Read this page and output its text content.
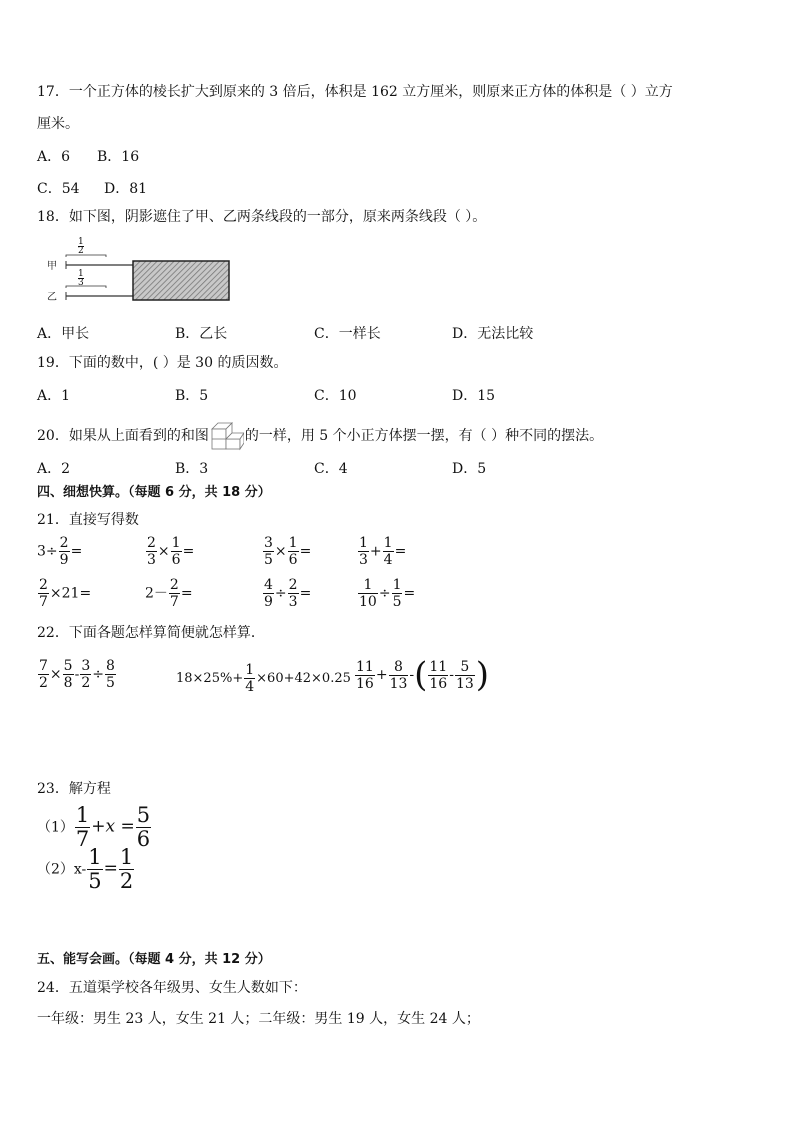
17．一个正方体的棱长扩大到原来的 3 倍后，体积是 162 立方厘米，则原来正方体的体积是（ ）立方
厘米。
A．6 B．16
C．54 D．81
18．如下图，阴影遮住了甲、乙两条线段的一部分，原来两条线段（ ）。
甲
乙
1
2
1
3
A．甲长	B．乙长	C．一样长	D．无法比较
19．下面的数中，( ）是 30 的质因数。
A．1	B．5	C．10	D．15
20．如果从上面看到的和图	的一样，用 5 个小正方体摆一摆，有（ ）种不同的摆法。
A．2	B．3	C．4	D．5
四、细想快算。（每题 6 分，共 18 分）
21．直接写得数
$3\div \frac{2}{9}$ =	$\frac{2}{3} \times \frac{1}{6}$ =	$\frac{3}{5} \times \frac{1}{6}$ =	$\frac{1}{3} + \frac{1}{4}$ =
$\frac{2}{7} \times 21=$	$2- \frac{2}{7}$ =	$\frac{4}{9} \div \frac{2}{3}$ =	$\frac{1}{10} \div \frac{1}{5}$ =
22．下面各题怎样算简便就怎样算．
$\frac{7}{2} \times \frac{5}{8} - \frac{3}{2} \div \frac{8}{5}$	$18\times 25\%+ \frac{1}{4} \times 60+42\times 0.25 \frac{11}{16} + \frac{8}{13}$ -( $\frac{11}{16} - \frac{5}{13}$ )
23．解方程
$(1) \frac{1}{7} +x = \frac{5}{6}$
$(2)x- \frac{1}{5} = \frac{1}{2}$
五、能写会画。（每题 4 分，共 12 分）
24．五道渠学校各年级男、女生人数如下：
一年级：男生 23 人，女生 21 人；二年级：男生 19 人，女生 24 人；
